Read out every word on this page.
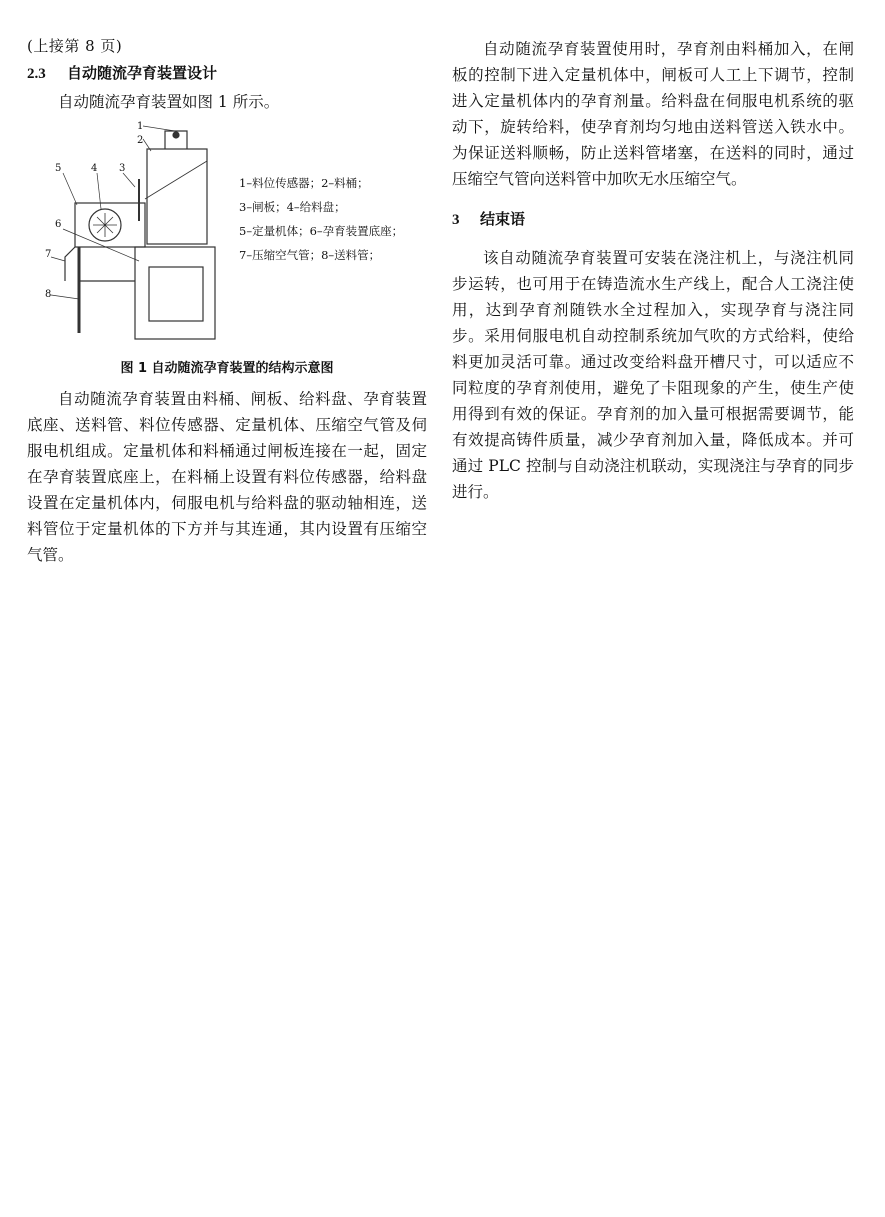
(上接第 8 页)

2.3 自动随流孕育装置设计

自动随流孕育装置如图 1 所示。

1
2
3
4
5
6
7
8
1–料位传感器；2–料桶；
3–闸板；4–给料盘；
5–定量机体；6–孕育装置底座；
7–压缩空气管；8–送料管；

图 1 自动随流孕育装置的结构示意图

自动随流孕育装置由料桶、闸板、给料盘、孕育装置底座、送料管、料位传感器、定量机体、压缩空气管及伺服电机组成。定量机体和料桶通过闸板连接在一起，固定在孕育装置底座上，在料桶上设置有料位传感器，给料盘设置在定量机体内，伺服电机与给料盘的驱动轴相连，送料管位于定量机体的下方并与其连通，其内设置有压缩空气管。

自动随流孕育装置使用时，孕育剂由料桶加入，在闸板的控制下进入定量机体中，闸板可人工上下调节，控制进入定量机体内的孕育剂量。给料盘在伺服电机系统的驱动下，旋转给料，使孕育剂均匀地由送料管送入铁水中。为保证送料顺畅，防止送料管堵塞，在送料的同时，通过压缩空气管向送料管中加吹无水压缩空气。

3 结束语

该自动随流孕育装置可安装在浇注机上，与浇注机同步运转，也可用于在铸造流水生产线上，配合人工浇注使用，达到孕育剂随铁水全过程加入，实现孕育与浇注同步。采用伺服电机自动控制系统加气吹的方式给料，使给料更加灵活可靠。通过改变给料盘开槽尺寸，可以适应不同粒度的孕育剂使用，避免了卡阻现象的产生，使生产使用得到有效的保证。孕育剂的加入量可根据需要调节，能有效提高铸件质量，减少孕育剂加入量，降低成本。并可通过 PLC 控制与自动浇注机联动，实现浇注与孕育的同步进行。
